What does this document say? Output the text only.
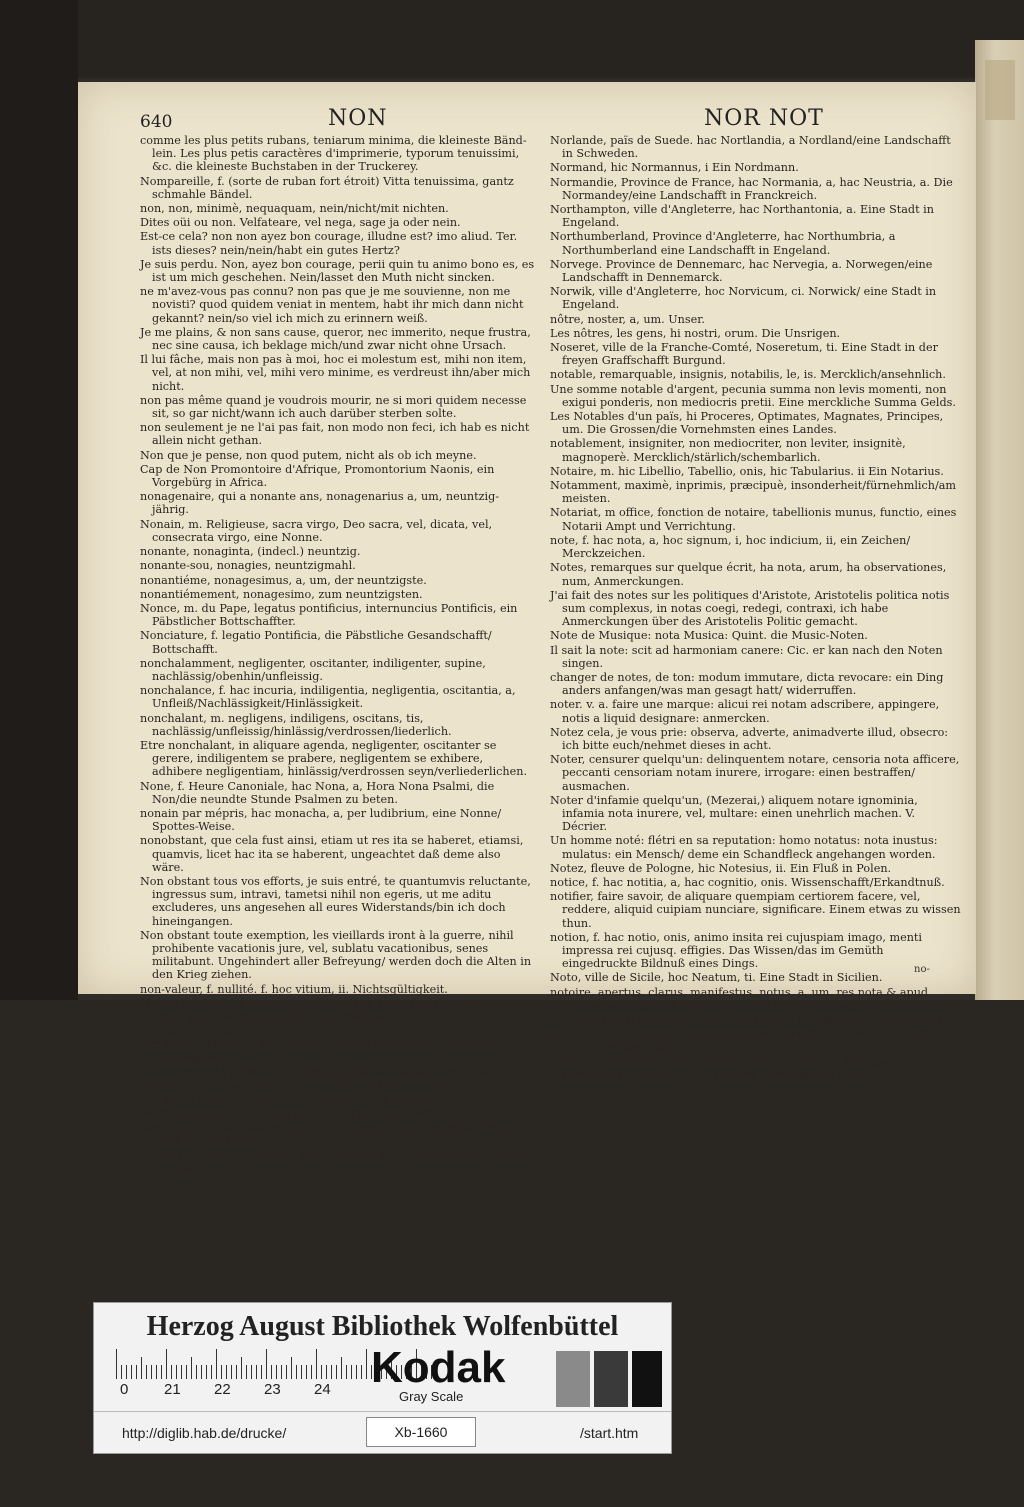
640	NON	NOR NOT
comme les plus petits rubans, teniarum minima, die kleineste Bänd-lein. Les plus petis caractères d'imprimerie, typorum tenuissimi, &c. die kleineste Buchstaben in der Truckerey.
Nompareille, f. (sorte de ruban fort étroit) Vitta tenuissima, gantz schmahle Bändel.
non, non, minimè, nequaquam, nein/nicht/mit nichten.
Dites oüi ou non. Velfateare, vel nega, sage ja oder nein.
Est-ce cela? non non ayez bon courage, illudne est? imo aliud. Ter. ists dieses? nein/nein/habt ein gutes Hertz?
Je suis perdu. Non, ayez bon courage, perii quin tu animo bono es, es ist um mich geschehen. Nein/lasset den Muth nicht sincken.
ne m'avez-vous pas connu? non pas que je me souvienne, non me novisti? quod quidem veniat in mentem, habt ihr mich dann nicht gekannt? nein/so viel ich mich zu erinnern weiß.
Je me plains, & non sans cause, queror, nec immerito, neque frustra, nec sine causa, ich beklage mich/und zwar nicht ohne Ursach.
Il lui fâche, mais non pas à moi, hoc ei molestum est, mihi non item, vel, at non mihi, vel, mihi vero minime, es verdreust ihn/aber mich nicht.
non pas même quand je voudrois mourir, ne si mori quidem necesse sit, so gar nicht/wann ich auch darüber sterben solte.
non seulement je ne l'ai pas fait, non modo non feci, ich hab es nicht allein nicht gethan.
Non que je pense, non quod putem, nicht als ob ich meyne.
Cap de Non Promontoire d'Afrique, Promontorium Naonis, ein Vorgebürg in Africa.
nonagenaire, qui a nonante ans, nonagenarius a, um, neuntzig-jährig.
Nonain, m. Religieuse, sacra virgo, Deo sacra, vel, dicata, vel, consecrata virgo, eine Nonne.
nonante, nonaginta, (indecl.) neuntzig.
nonante-sou, nonagies, neuntzigmahl.
nonantiéme, nonagesimus, a, um, der neuntzigste.
nonantiémement, nonagesimo, zum neuntzigsten.
Nonce, m. du Pape, legatus pontificius, internuncius Pontificis, ein Päbstlicher Bottschaffter.
Nonciature, f. legatio Pontificia, die Päbstliche Gesandschafft/ Bottschafft.
nonchalamment, negligenter, oscitanter, indiligenter, supine, nachlässig/obenhin/unfleissig.
nonchalance, f. hac incuria, indiligentia, negligentia, oscitantia, a, Unfleiß/Nachlässigkeit/Hinlässigkeit.
nonchalant, m. negligens, indiligens, oscitans, tis, nachlässig/unfleissig/hinlässig/verdrossen/liederlich.
Etre nonchalant, in aliquare agenda, negligenter, oscitanter se gerere, indiligentem se prabere, negligentem se exhibere, adhibere negligentiam, hinlässig/verdrossen seyn/verliederlichen.
None, f. Heure Canoniale, hac Nona, a, Hora Nona Psalmi, die Non/die neundte Stunde Psalmen zu beten.
nonain par mépris, hac monacha, a, per ludibrium, eine Nonne/ Spottes-Weise.
nonobstant, que cela fust ainsi, etiam ut res ita se haberet, etiamsi, quamvis, licet hac ita se haberent, ungeachtet daß deme also wäre.
Non obstant tous vos efforts, je suis entré, te quantumvis reluctante, ingressus sum, intravi, tametsi nihil non egeris, ut me aditu excluderes, uns angesehen all eures Widerstands/bin ich doch hineingangen.
Non obstant toute exemption, les vieillards iront à la guerre, nihil prohibente vacationis jure, vel, sublatu vacationibus, senes militabunt. Ungehindert aller Befreyung/ werden doch die Alten in den Krieg ziehen.
non-valeur, f. nullité. f. hoc vitium, ii. Nichtsgültigkeit.
Mettre ses bonnes œuvres en non valeur, recte facta corrumpere. Seine gute Wercke ungültig/zu nichte machen.
Nopces. V. Nôces.
Nord, m. le Nord, le Septentrion, hic Septentrio, onis. Norden / Mitternacht.
Qui est du côté du Nord, septentrionalis, aquilonaris, re, u, ad aquilonem conversus, a, um. Nordisch/ Mitternächtlicht.
Nord-Est, sorte de vent, hic Cacias, a. Nord-oft-Wind.
Nordouest, outre vent, hic Caurus, i. Nord-west-Wind. V. Vent.
Norimberg, ville d'Allemagne, hac Neremberga, a. Nürnberg/eine Stadt in Teutschland.
Norlingue, ville de Suaube, hac Norlinga, a. Nördlingen/eine Stadt in Schwaben.
Norlande, païs de Suede. hac Nortlandia, a Nordland/eine Landschafft in Schweden.
Normand, hic Normannus, i Ein Nordmann.
Normandie, Province de France, hac Normania, a, hac Neustria, a. Die Normandey/eine Landschafft in Franckreich.
Northampton, ville d'Angleterre, hac Northantonia, a. Eine Stadt in Engeland.
Northumberland, Province d'Angleterre, hac Northumbria, a Northumberland eine Landschafft in Engeland.
Norvege. Province de Dennemarc, hac Nervegia, a. Norwegen/eine Landschafft in Dennemarck.
Norwik, ville d'Angleterre, hoc Norvicum, ci. Norwick/ eine Stadt in Engeland.
nôtre, noster, a, um. Unser.
Les nôtres, les gens, hi nostri, orum. Die Unsrigen.
Noseret, ville de la Franche-Comté, Noseretum, ti. Eine Stadt in der freyen Graffschafft Burgund.
notable, remarquable, insignis, notabilis, le, is. Mercklich/ansehnlich.
Une somme notable d'argent, pecunia summa non levis momenti, non exigui ponderis, non mediocris pretii. Eine merckliche Summa Gelds.
Les Notables d'un païs, hi Proceres, Optimates, Magnates, Principes, um. Die Grossen/die Vornehmsten eines Landes.
notablement, insigniter, non mediocriter, non leviter, insignitè, magnoperè. Mercklich/stärlich/schembarlich.
Notaire, m. hic Libellio, Tabellio, onis, hic Tabularius. ii Ein Notarius.
Notamment, maximè, inprimis, præcipuè, insonderheit/fürnehmlich/am meisten.
Notariat, m office, fonction de notaire, tabellionis munus, functio, eines Notarii Ampt und Verrichtung.
note, f. hac nota, a, hoc signum, i, hoc indicium, ii, ein Zeichen/ Merckzeichen.
Notes, remarques sur quelque écrit, ha nota, arum, ha observationes, num, Anmerckungen.
J'ai fait des notes sur les politiques d'Aristote, Aristotelis politica notis sum complexus, in notas coegi, redegi, contraxi, ich habe Anmerckungen über des Aristotelis Politic gemacht.
Note de Musique: nota Musica: Quint. die Music-Noten.
Il sait la note: scit ad harmoniam canere: Cic. er kan nach den Noten singen.
changer de notes, de ton: modum immutare, dicta revocare: ein Ding anders anfangen/was man gesagt hatt/ widerruffen.
noter. v. a. faire une marque: alicui rei notam adscribere, appingere, notis a liquid designare: anmercken.
Notez cela, je vous prie: observa, adverte, animadverte illud, obsecro: ich bitte euch/nehmet dieses in acht.
Noter, censurer quelqu'un: delinquentem notare, censoria nota afficere, peccanti censoriam notam inurere, irrogare: einen bestraffen/ ausmachen.
Noter d'infamie quelqu'un, (Mezerai,) aliquem notare ignominia, infamia nota inurere, vel, multare: einen unehrlich machen. V. Décrier.
Un homme noté: flétri en sa reputation: homo notatus: nota inustus: mulatus: ein Mensch/ deme ein Schandfleck angehangen worden.
Notez, fleuve de Pologne, hic Notesius, ii. Ein Fluß in Polen.
notice, f. hac notitia, a, hac cognitio, onis. Wissenschafft/Erkandtnuß.
notifier, faire savoir, de aliquare quempiam certiorem facere, vel, reddere, aliquid cuipiam nunciare, significare. Einem etwas zu wissen thun.
notion, f. hac notio, onis, animo insita rei cujuspiam imago, menti impressa rei cujusq. effigies. Das Wissen/das im Gemüth eingedruckte Bildnuß eines Dings.
Noto, ville de Sicile, hoc Neatum, ti. Eine Stadt in Sicilien.
notoire, apertus, clarus, manifestus, notus, a, um, res nota & apud omnes pervulgata. Kund/offenbar/männiglich/bewust.
notoirement, manifestè, manifesto, apertè. Kundbarlich/ offenbertzig.
notorieté. f. evidence, f. publica notitia, a, publice gesta rei manifesta notitia. Weltkündigkeit.
C'est une chose de notorieté publique, res est nota atq. apud omnes pervulgata. Das ist eine Stadt-und Landkündige Sache.
no-
Herzog August Bibliothek Wolfenbüttel
0 21 22 23 24 Kodak
Gray Scale
http://diglib.hab.de/drucke/	Xb-1660	/start.htm
